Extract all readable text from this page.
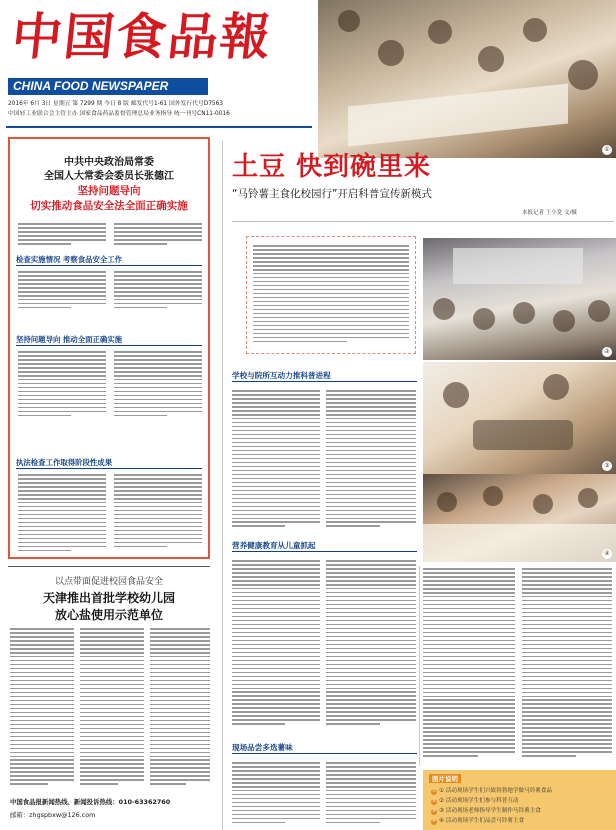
中国食品報
CHINA FOOD NEWSPAPER
2016年 6月 3日 星期五 第 7299 期 今日 8 版 邮发代号1-61 国外发行代号D7563
中国轻工业联合会主管主办 国家食品药品监督管理总局业务指导 统一刊号CN11-0016
①
中共中央政治局常委
全国人大常委会委员长张德江
坚持问题导向
切实推动食品安全法全面正确实施
检查实施情况 考察食品安全工作
坚持问题导向 推动全面正确实施
执法检查工作取得阶段性成果
以点带面促进校园食品安全
天津推出首批学校幼儿园
放心盐使用示范单位
中国食品报新闻热线、新闻投诉热线：010-63362760
邮箱：zhgspbxw@126.com
土豆 快到碗里来
“马铃薯主食化校园行”开启科普宣传新模式
本报记者 王小宽 文/摄
②
③
④
学校与院所互动力推科普进程
营养健康教育从儿童抓起
现场品尝多选薯味
图片说明
① ① 活动现场学生们兴致勃勃地学做马铃薯食品
② ② 活动现场学生们参与科普互动
③ ③ 活动现场老师指导学生制作马铃薯主食
④ ④ 活动现场学生们品尝马铃薯主食
